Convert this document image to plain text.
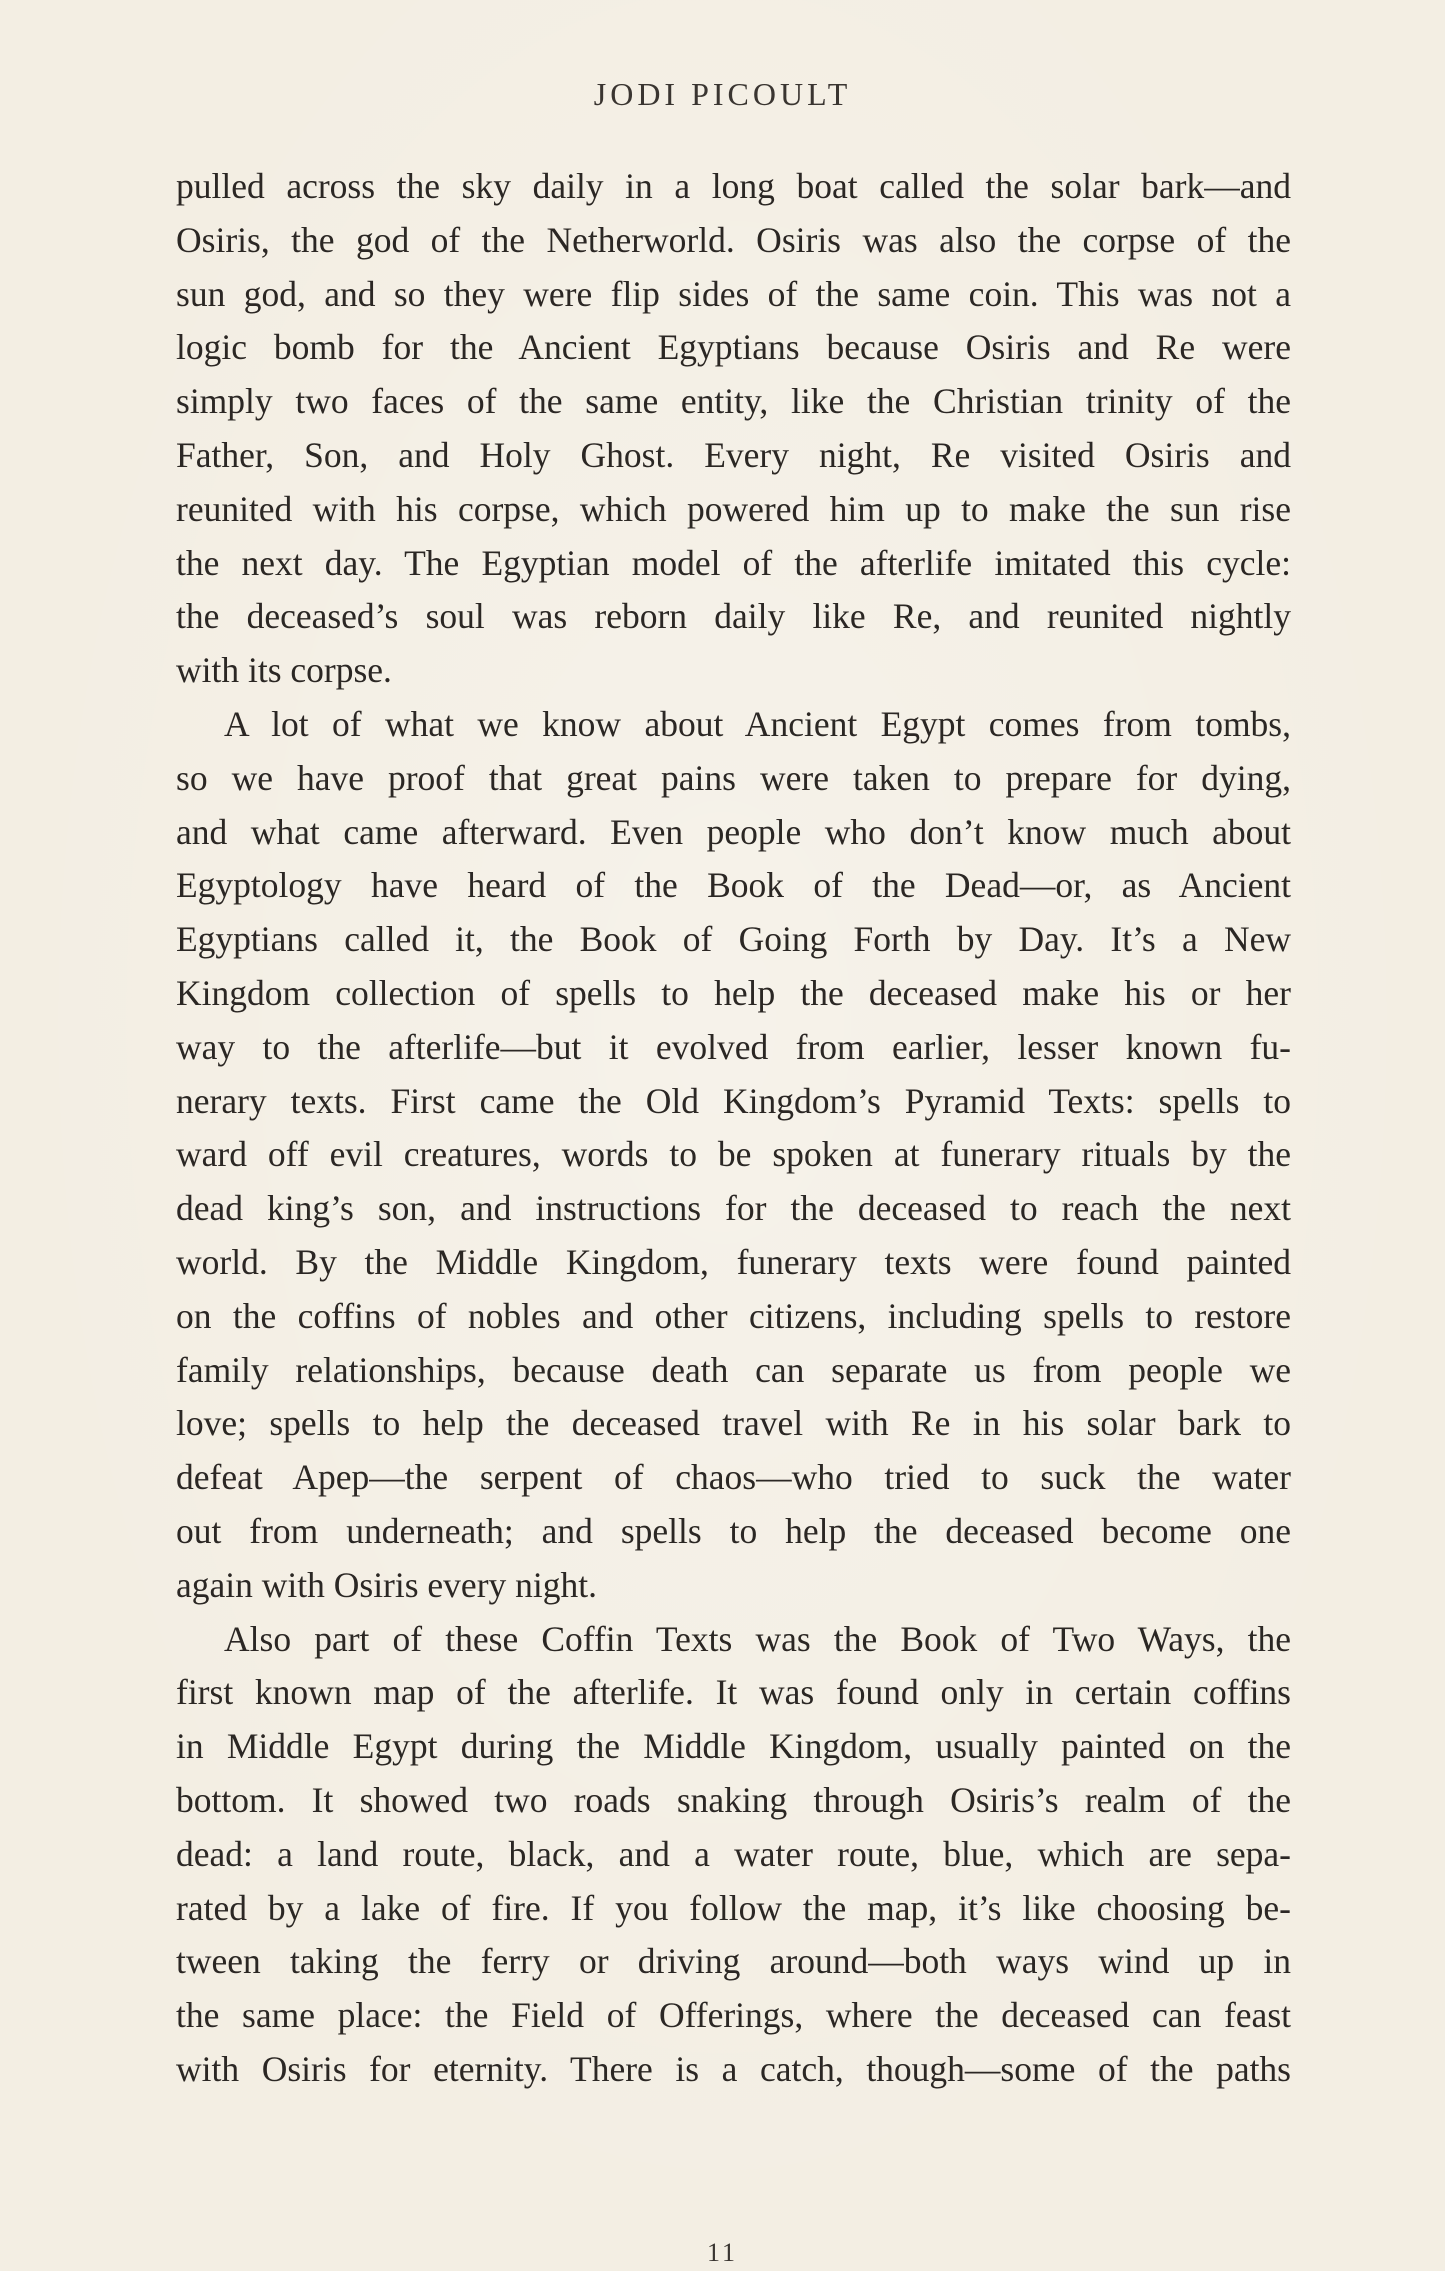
JODI PICOULT

pulled across the sky daily in a long boat called the solar bark—and
Osiris, the god of the Netherworld. Osiris was also the corpse of the
sun god, and so they were flip sides of the same coin. This was not a
logic bomb for the Ancient Egyptians because Osiris and Re were
simply two faces of the same entity, like the Christian trinity of the
Father, Son, and Holy Ghost. Every night, Re visited Osiris and
reunited with his corpse, which powered him up to make the sun rise
the next day. The Egyptian model of the afterlife imitated this cycle:
the deceased’s soul was reborn daily like Re, and reunited nightly
with its corpse.

A lot of what we know about Ancient Egypt comes from tombs,
so we have proof that great pains were taken to prepare for dying,
and what came afterward. Even people who don’t know much about
Egyptology have heard of the Book of the Dead—or, as Ancient
Egyptians called it, the Book of Going Forth by Day. It’s a New
Kingdom collection of spells to help the deceased make his or her
way to the afterlife—but it evolved from earlier, lesser known fu-
nerary texts. First came the Old Kingdom’s Pyramid Texts: spells to
ward off evil creatures, words to be spoken at funerary rituals by the
dead king’s son, and instructions for the deceased to reach the next
world. By the Middle Kingdom, funerary texts were found painted
on the coffins of nobles and other citizens, including spells to restore
family relationships, because death can separate us from people we
love; spells to help the deceased travel with Re in his solar bark to
defeat Apep—the serpent of chaos—who tried to suck the water
out from underneath; and spells to help the deceased become one
again with Osiris every night.

Also part of these Coffin Texts was the Book of Two Ways, the
first known map of the afterlife. It was found only in certain coffins
in Middle Egypt during the Middle Kingdom, usually painted on the
bottom. It showed two roads snaking through Osiris’s realm of the
dead: a land route, black, and a water route, blue, which are sepa-
rated by a lake of fire. If you follow the map, it’s like choosing be-
tween taking the ferry or driving around—both ways wind up in
the same place: the Field of Offerings, where the deceased can feast
with Osiris for eternity. There is a catch, though—some of the paths

11
